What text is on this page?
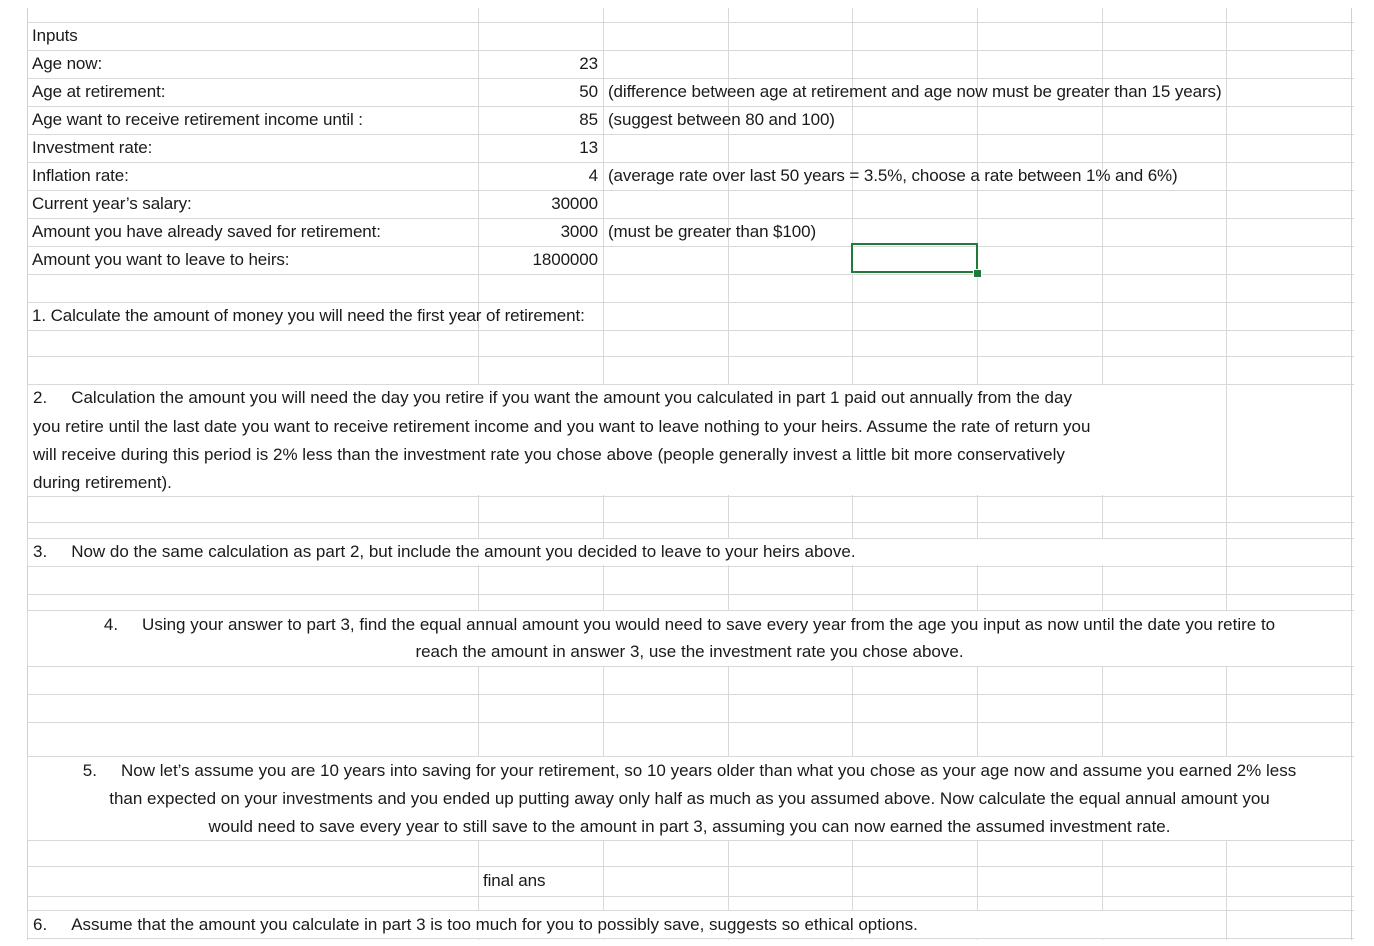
Inputs
Age now:	23
Age at retirement:	50 (difference between age at retirement and age now must be greater than 15 years)
Age want to receive retirement income until :	85 (suggest between 80 and 100)
Investment rate:	13
Inflation rate:	4 (average rate over last 50 years = 3.5%, choose a rate between 1% and 6%)
Current year’s salary:	30000
Amount you have already saved for retirement:	3000 (must be greater than $100)
Amount you want to leave to heirs:	1800000
1. Calculate the amount of money you will need the first year of retirement:
2. Calculation the amount you will need the day you retire if you want the amount you calculated in part 1 paid out annually from the day
you retire until the last date you want to receive retirement income and you want to leave nothing to your heirs. Assume the rate of return you
will receive during this period is 2% less than the investment rate you chose above (people generally invest a little bit more conservatively
during retirement).
3. Now do the same calculation as part 2, but include the amount you decided to leave to your heirs above.
4. Using your answer to part 3, find the equal annual amount you would need to save every year from the age you input as now until the date you retire to
reach the amount in answer 3, use the investment rate you chose above.
5. Now let’s assume you are 10 years into saving for your retirement, so 10 years older than what you chose as your age now and assume you earned 2% less
than expected on your investments and you ended up putting away only half as much as you assumed above. Now calculate the equal annual amount you
would need to save every year to still save to the amount in part 3, assuming you can now earned the assumed investment rate.
final ans
6. Assume that the amount you calculate in part 3 is too much for you to possibly save, suggests so ethical options.
